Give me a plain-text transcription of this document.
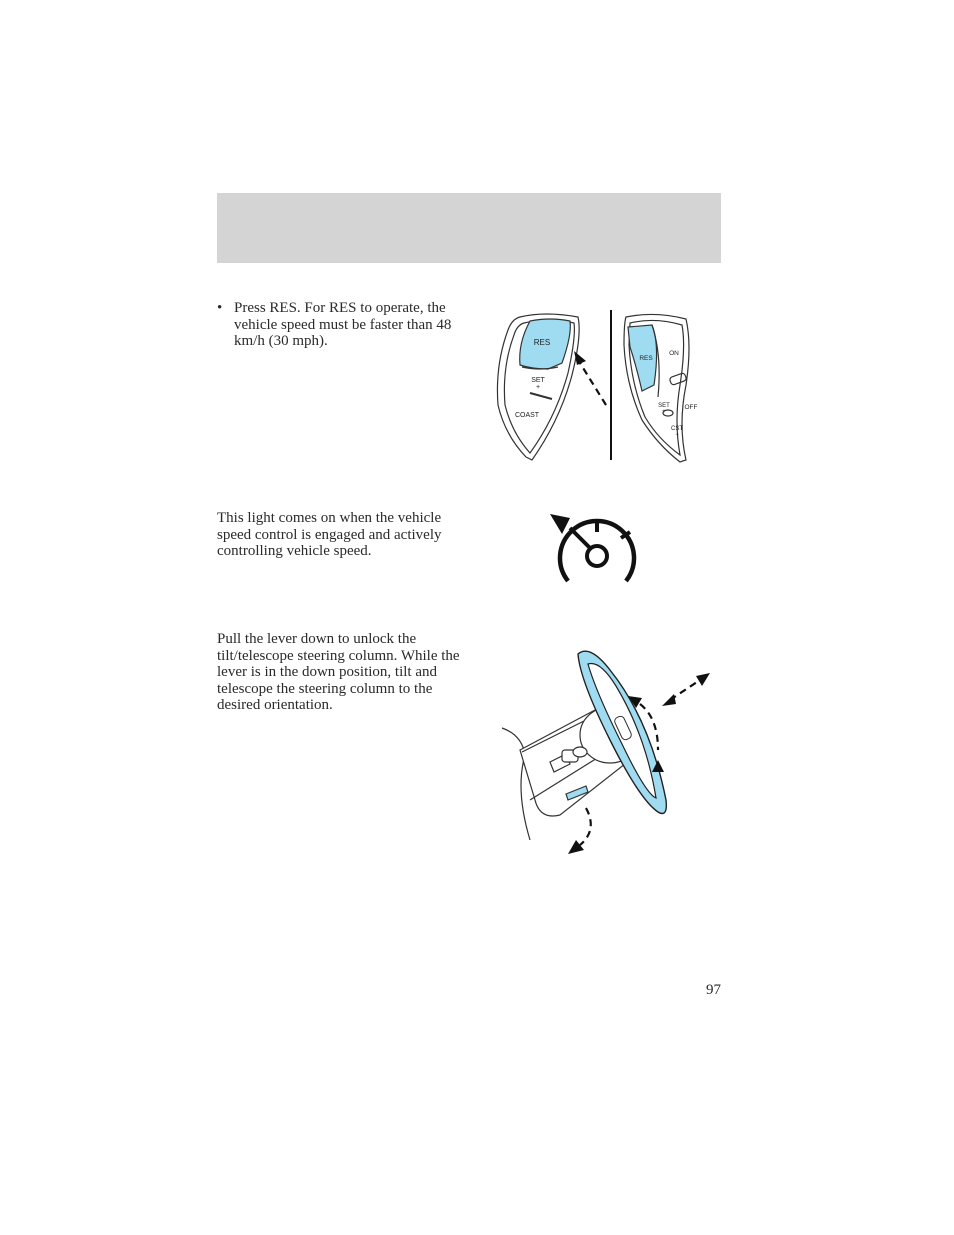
• Press RES. For RES to operate, the vehicle speed must be faster than 48 km/h (30 mph).	RES
SET
+
COAST
RES
ON
SET
+
OFF
CST
−
This light comes on when the vehicle speed control is engaged and actively controlling vehicle speed.
Pull the lever down to unlock the tilt/telescope steering column. While the lever is in the down position, tilt and telescope the steering column to the desired orientation.
97
